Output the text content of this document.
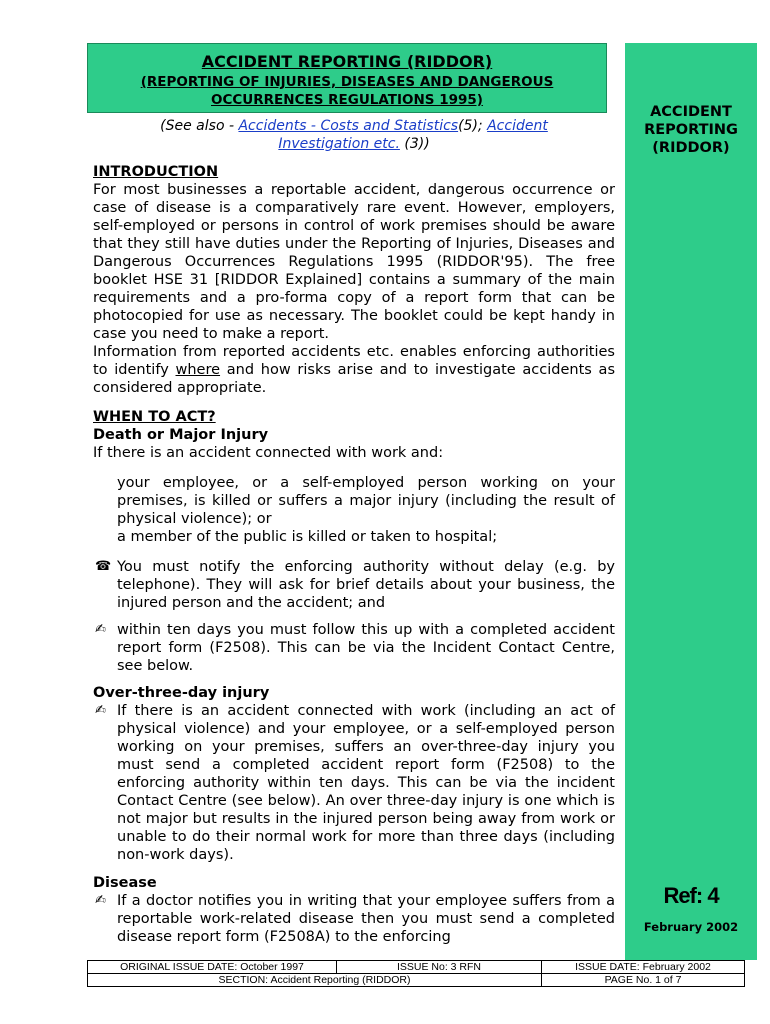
ACCIDENT REPORTING (RIDDOR)
(REPORTING OF INJURIES, DISEASES AND DANGEROUS
OCCURRENCES REGULATIONS 1995)
ACCIDENT
REPORTING
(RIDDOR)
Ref: 4
February 2002
(See also - Accidents - Costs and Statistics(5); Accident
Investigation etc. (3))

INTRODUCTION

For most businesses a reportable accident, dangerous occurrence or case of disease is a comparatively rare event. However, employers, self-employed or persons in control of work premises should be aware that they still have duties under the Reporting of Injuries, Diseases and Dangerous Occurrences Regulations 1995 (RIDDOR'95). The free booklet HSE 31 [RIDDOR Explained] contains a summary of the main requirements and a pro-forma copy of a report form that can be photocopied for use as necessary. The booklet could be kept handy in case you need to make a report.

Information from reported accidents etc. enables enforcing authorities to identify where and how risks arise and to investigate accidents as considered appropriate.

WHEN TO ACT?

Death or Major Injury

If there is an accident connected with work and:

your employee, or a self-employed person working on your premises, is killed or suffers a major injury (including the result of physical violence); or

a member of the public is killed or taken to hospital;

☎ You must notify the enforcing authority without delay (e.g. by telephone). They will ask for brief details about your business, the injured person and the accident; and
✍ within ten days you must follow this up with a completed accident report form (F2508). This can be via the Incident Contact Centre, see below.

Over-three-day injury

✍ If there is an accident connected with work (including an act of physical violence) and your employee, or a self-employed person working on your premises, suffers an over-three-day injury you must send a completed accident report form (F2508) to the enforcing authority within ten days. This can be via the incident Contact Centre (see below). An over three-day injury is one which is not major but results in the injured person being away from work or unable to do their normal work for more than three days (including non-work days).

Disease

✍ If a doctor notifies you in writing that your employee suffers from a reportable work-related disease then you must send a completed disease report form (F2508A) to the enforcing
ORIGINAL ISSUE DATE: October 1997	ISSUE No: 3 RFN	ISSUE DATE: February 2002
SECTION: Accident Reporting (RIDDOR)		PAGE No. 1 of 7
